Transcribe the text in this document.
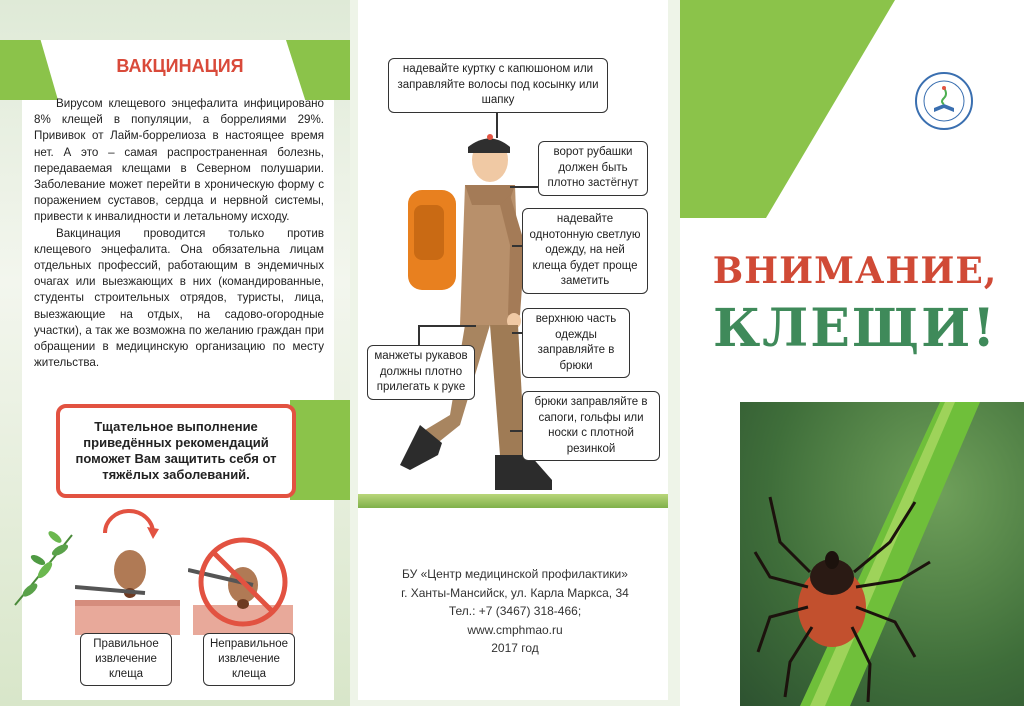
ВАКЦИНАЦИЯ

Вирусом клещевого энцефалита инфицировано 8% клещей в популяции, а боррелиями 29%. Прививок от Лайм-боррелиоза в настоящее время нет. А это – самая распространенная болезнь, передаваемая клещами в Северном полушарии. Заболевание может перейти в хроническую форму с поражением суставов, сердца и нервной системы, привести к инвалидности и летальному исходу.

Вакцинация проводится только против клещевого энцефалита. Она обязательна лицам отдельных профессий, работающим в эндемичных очагах или выезжающих в них (командированные, студенты строительных отрядов, туристы, лица, выезжающие на отдых, на садово-огородные участки), а так же возможна по желанию граждан при обращении в медицинскую организацию по месту жительства.

Тщательное выполнение приведённых рекомендаций поможет Вам защитить себя от тяжёлых заболеваний.
Правильное извлечение клеща
Неправильное извлечение клеща
надевайте куртку с капюшоном или заправляйте волосы под косынку или шапку
ворот рубашки должен быть плотно застёгнут
надевайте однотонную светлую одежду, на ней клеща будет проще заметить
верхнюю часть одежды заправляйте в брюки
манжеты рукавов должны плотно прилегать к руке
брюки заправляйте в сапоги, гольфы или носки с плотной резинкой
БУ «Центр медицинской профилактики»
г. Ханты-Мансийск, ул. Карла Маркса, 34
Тел.: +7 (3467) 318-466;
www.cmphmao.ru
2017 год
ВНИМАНИЕ,
КЛЕЩИ!
